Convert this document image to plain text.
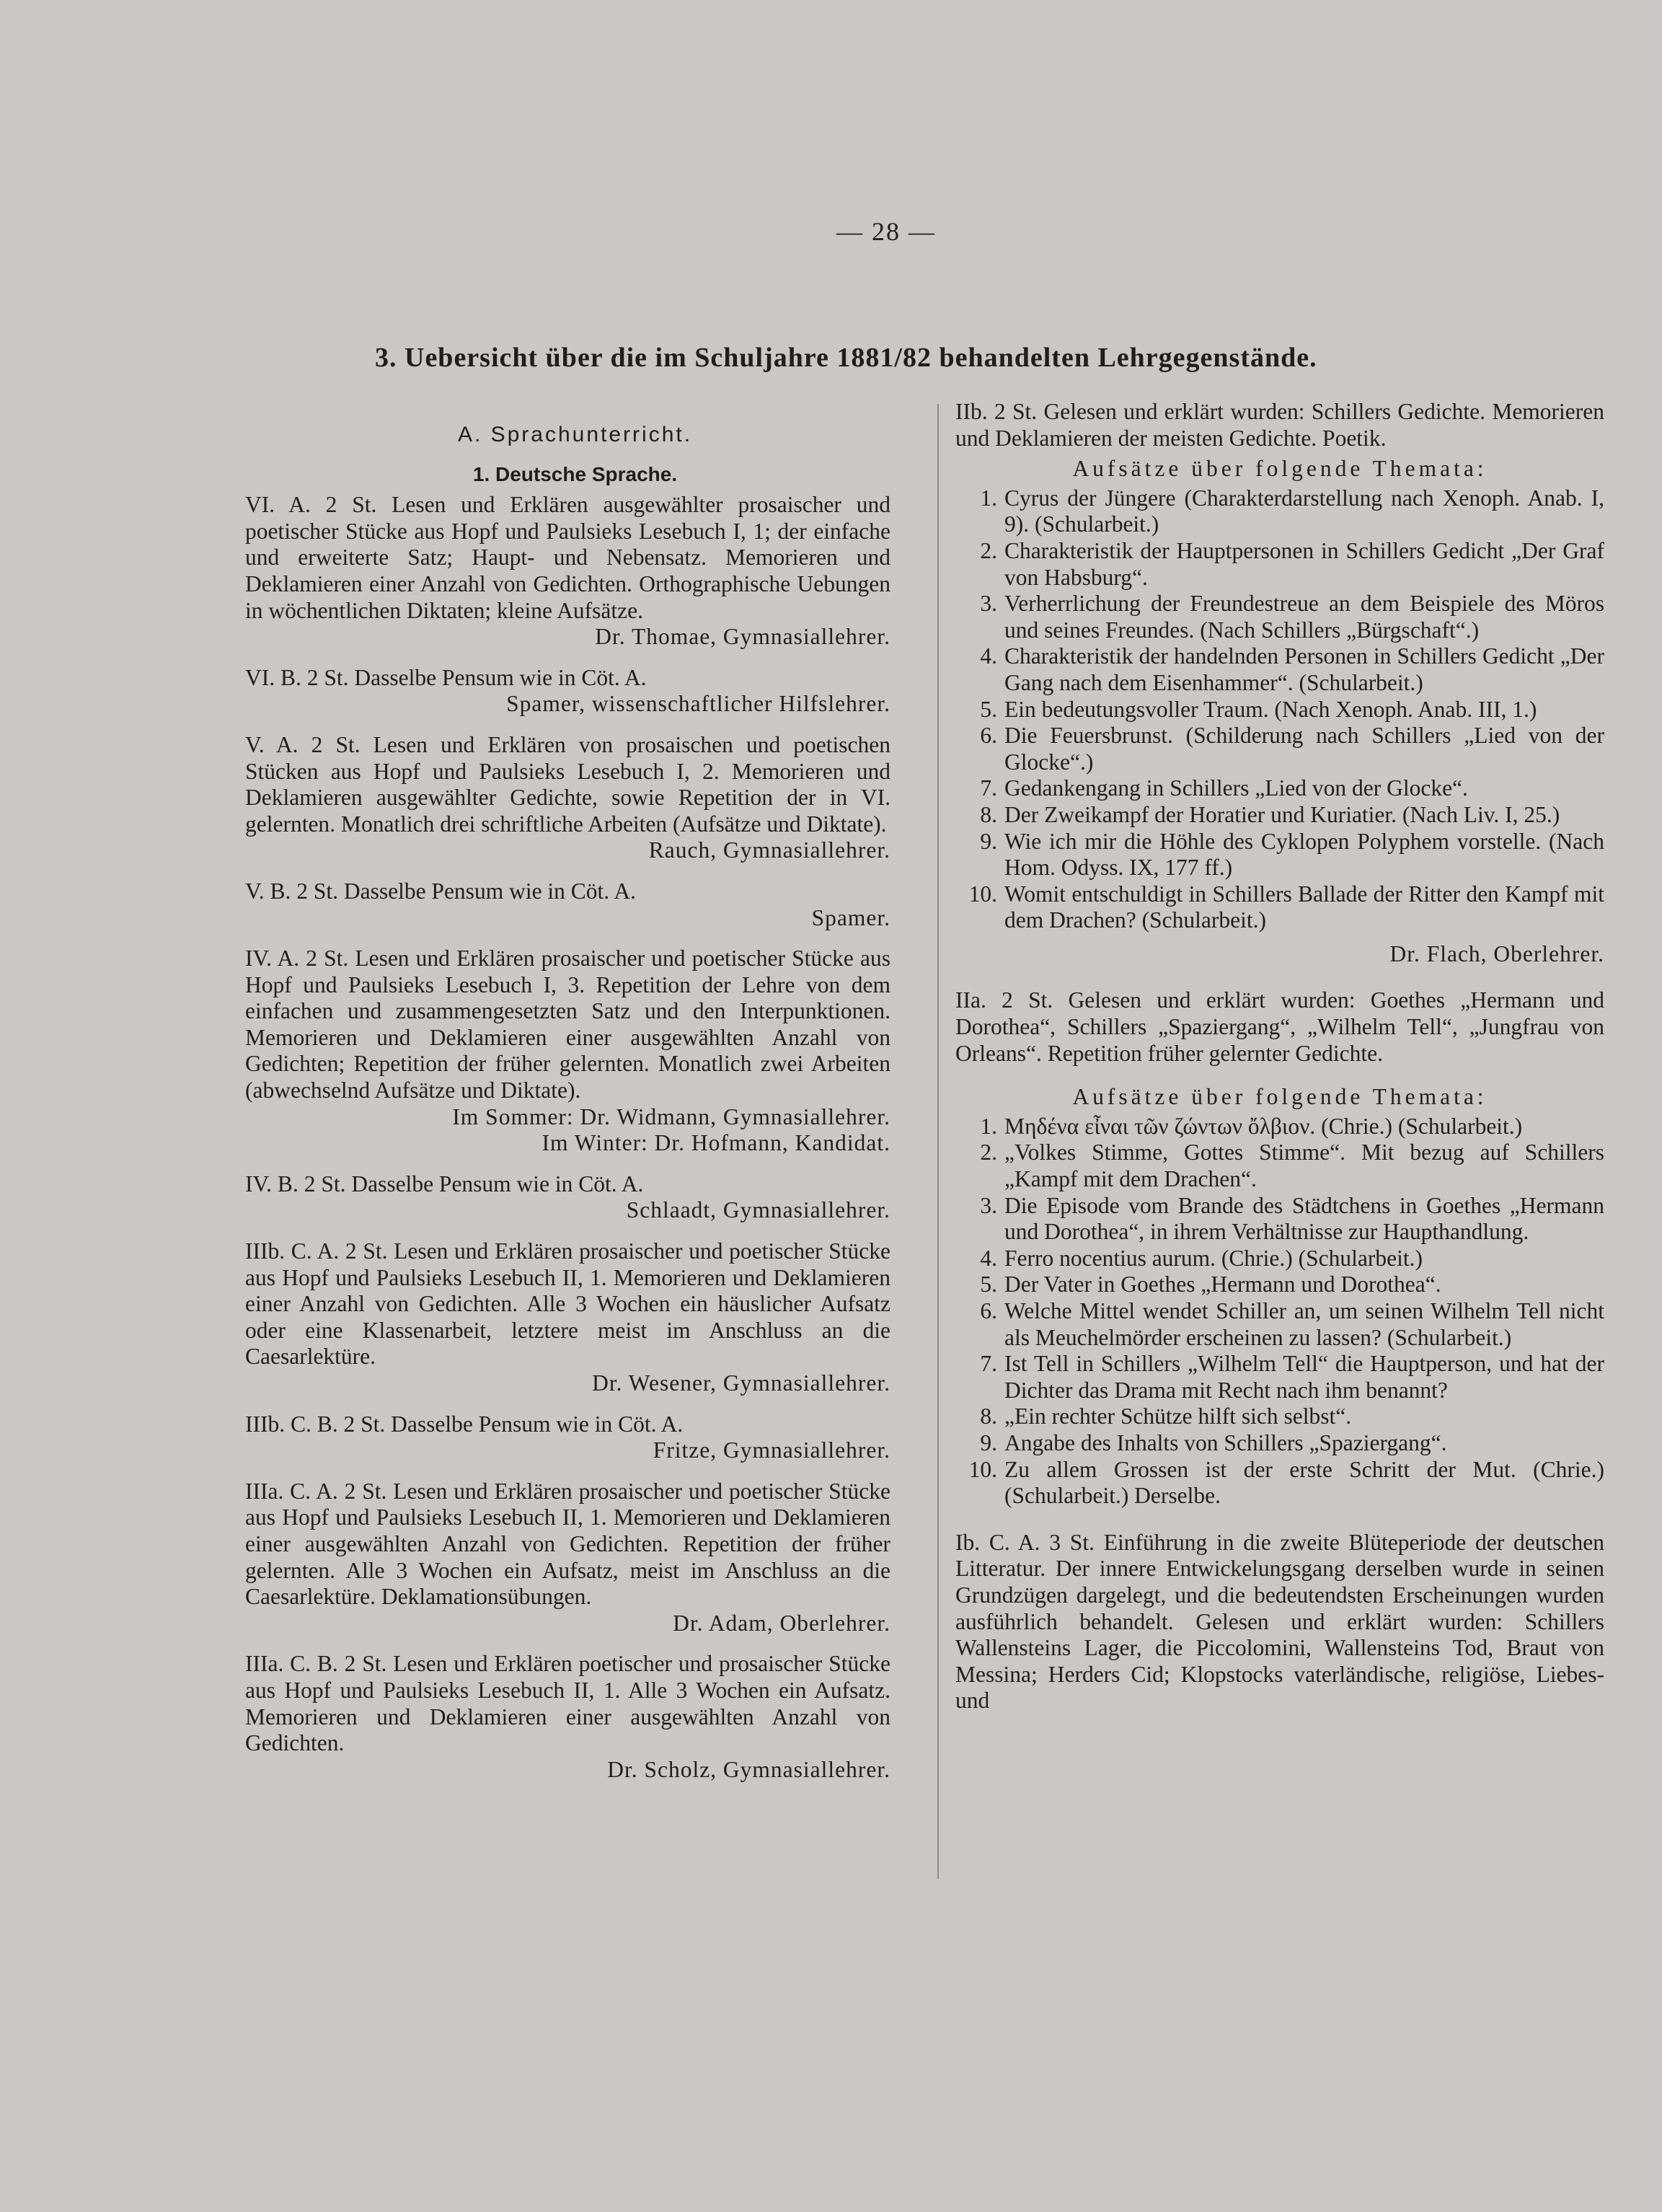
— 28 —
3. Uebersicht über die im Schuljahre 1881/82 behandelten Lehrgegenstände.
A. Sprachunterricht.
1. Deutsche Sprache.
VI. A. 2 St. Lesen und Erklären ausgewählter prosaischer und poetischer Stücke aus Hopf und Paulsieks Lesebuch I, 1; der einfache und erweiterte Satz; Haupt- und Nebensatz. Memorieren und Deklamieren einer Anzahl von Gedichten. Orthographische Uebungen in wöchentlichen Diktaten; kleine Aufsätze.
Dr. Thomae, Gymnasiallehrer.
VI. B. 2 St. Dasselbe Pensum wie in Cöt. A.
Spamer, wissenschaftlicher Hilfslehrer.
V. A. 2 St. Lesen und Erklären von prosaischen und poetischen Stücken aus Hopf und Paulsieks Lesebuch I, 2. Memorieren und Deklamieren ausgewählter Gedichte, sowie Repetition der in VI. gelernten. Monatlich drei schriftliche Arbeiten (Aufsätze und Diktate).
Rauch, Gymnasiallehrer.
V. B. 2 St. Dasselbe Pensum wie in Cöt. A.
Spamer.
IV. A. 2 St. Lesen und Erklären prosaischer und poetischer Stücke aus Hopf und Paulsieks Lesebuch I, 3. Repetition der Lehre von dem einfachen und zusammengesetzten Satz und den Interpunktionen. Memorieren und Deklamieren einer ausgewählten Anzahl von Gedichten; Repetition der früher gelernten. Monatlich zwei Arbeiten (abwechselnd Aufsätze und Diktate).
Im Sommer: Dr. Widmann, Gymnasiallehrer.
Im Winter: Dr. Hofmann, Kandidat.
IV. B. 2 St. Dasselbe Pensum wie in Cöt. A.
Schlaadt, Gymnasiallehrer.
IIIb. C. A. 2 St. Lesen und Erklären prosaischer und poetischer Stücke aus Hopf und Paulsieks Lesebuch II, 1. Memorieren und Deklamieren einer Anzahl von Gedichten. Alle 3 Wochen ein häuslicher Aufsatz oder eine Klassenarbeit, letztere meist im Anschluss an die Caesarlektüre.
Dr. Wesener, Gymnasiallehrer.
IIIb. C. B. 2 St. Dasselbe Pensum wie in Cöt. A.
Fritze, Gymnasiallehrer.
IIIa. C. A. 2 St. Lesen und Erklären prosaischer und poetischer Stücke aus Hopf und Paulsieks Lesebuch II, 1. Memorieren und Deklamieren einer ausgewählten Anzahl von Gedichten. Repetition der früher gelernten. Alle 3 Wochen ein Aufsatz, meist im Anschluss an die Caesarlektüre. Deklamationsübungen.
Dr. Adam, Oberlehrer.
IIIa. C. B. 2 St. Lesen und Erklären poetischer und prosaischer Stücke aus Hopf und Paulsieks Lesebuch II, 1. Alle 3 Wochen ein Aufsatz. Memorieren und Deklamieren einer ausgewählten Anzahl von Gedichten.
Dr. Scholz, Gymnasiallehrer.
IIb. 2 St. Gelesen und erklärt wurden: Schillers Gedichte. Memorieren und Deklamieren der meisten Gedichte. Poetik.
Aufsätze über folgende Themata:
1. Cyrus der Jüngere (Charakterdarstellung nach Xenoph. Anab. I, 9). (Schularbeit.)
2. Charakteristik der Hauptpersonen in Schillers Gedicht „Der Graf von Habsburg“.
3. Verherrlichung der Freundestreue an dem Beispiele des Möros und seines Freundes. (Nach Schillers „Bürgschaft“.)
4. Charakteristik der handelnden Personen in Schillers Gedicht „Der Gang nach dem Eisenhammer“. (Schularbeit.)
5. Ein bedeutungsvoller Traum. (Nach Xenoph. Anab. III, 1.)
6. Die Feuersbrunst. (Schilderung nach Schillers „Lied von der Glocke“.)
7. Gedankengang in Schillers „Lied von der Glocke“.
8. Der Zweikampf der Horatier und Kuriatier. (Nach Liv. I, 25.)
9. Wie ich mir die Höhle des Cyklopen Polyphem vorstelle. (Nach Hom. Odyss. IX, 177 ff.)
10. Womit entschuldigt in Schillers Ballade der Ritter den Kampf mit dem Drachen? (Schularbeit.)
Dr. Flach, Oberlehrer.
IIa. 2 St. Gelesen und erklärt wurden: Goethes „Hermann und Dorothea“, Schillers „Spaziergang“, „Wilhelm Tell“, „Jungfrau von Orleans“. Repetition früher gelernter Gedichte.
Aufsätze über folgende Themata:
1. Μηδένα εἶναι τῶν ζώντων ὄλβιον. (Chrie.) (Schularbeit.)
2. „Volkes Stimme, Gottes Stimme“. Mit bezug auf Schillers „Kampf mit dem Drachen“.
3. Die Episode vom Brande des Städtchens in Goethes „Hermann und Dorothea“, in ihrem Verhältnisse zur Haupthandlung.
4. Ferro nocentius aurum. (Chrie.) (Schularbeit.)
5. Der Vater in Goethes „Hermann und Dorothea“.
6. Welche Mittel wendet Schiller an, um seinen Wilhelm Tell nicht als Meuchelmörder erscheinen zu lassen? (Schularbeit.)
7. Ist Tell in Schillers „Wilhelm Tell“ die Hauptperson, und hat der Dichter das Drama mit Recht nach ihm benannt?
8. „Ein rechter Schütze hilft sich selbst“.
9. Angabe des Inhalts von Schillers „Spaziergang“.
10. Zu allem Grossen ist der erste Schritt der Mut. (Chrie.) (Schularbeit.) Derselbe.
Ib. C. A. 3 St. Einführung in die zweite Blüteperiode der deutschen Litteratur. Der innere Entwickelungsgang derselben wurde in seinen Grundzügen dargelegt, und die bedeutendsten Erscheinungen wurden ausführlich behandelt. Gelesen und erklärt wurden: Schillers Wallensteins Lager, die Piccolomini, Wallensteins Tod, Braut von Messina; Herders Cid; Klopstocks vaterländische, religiöse, Liebes- und
